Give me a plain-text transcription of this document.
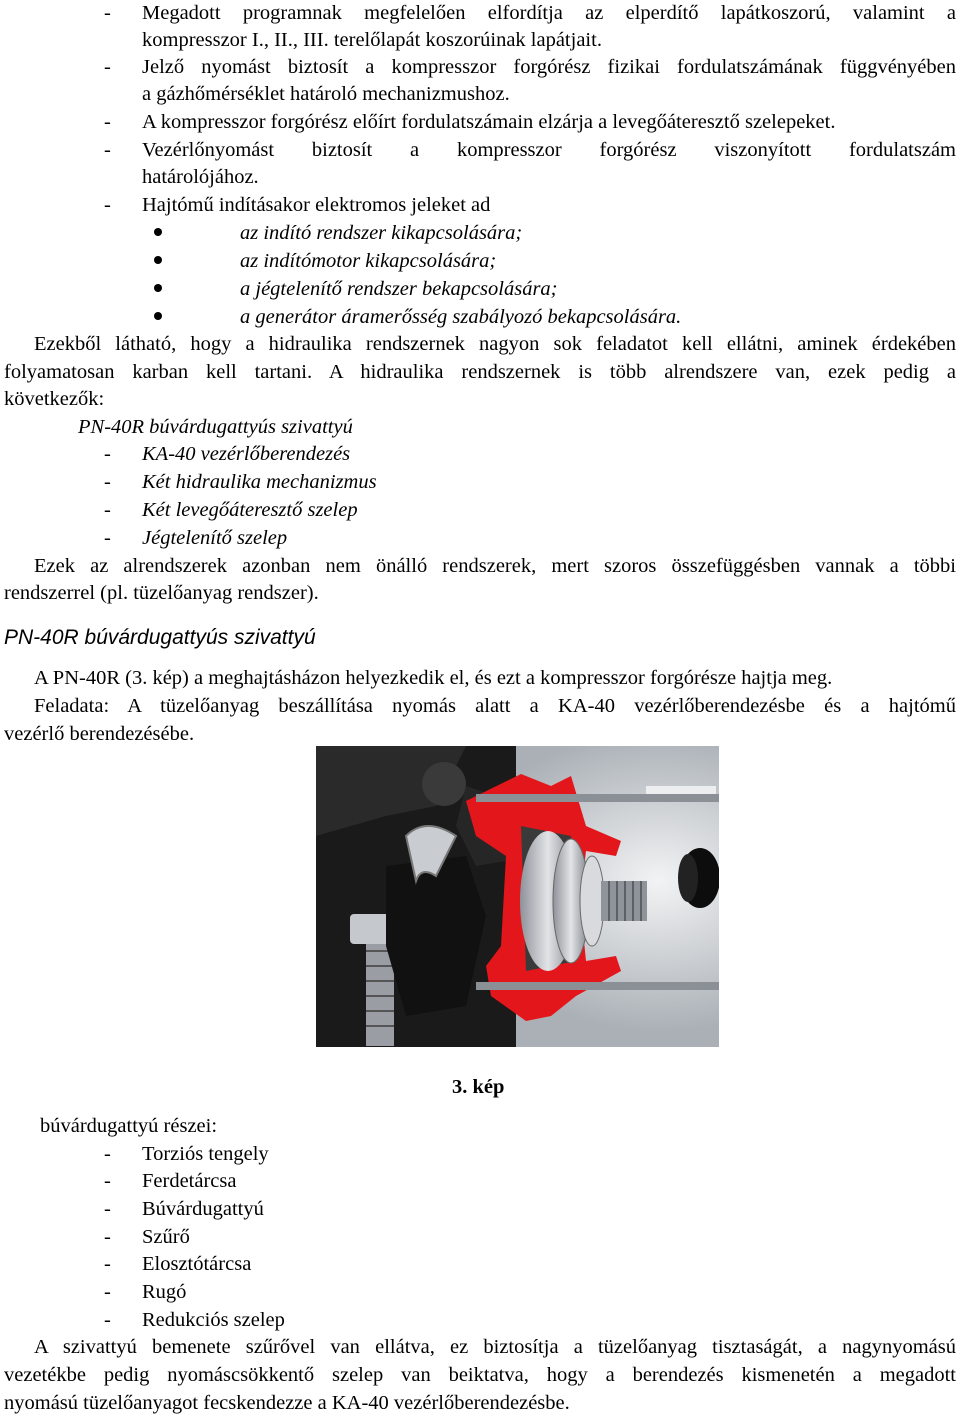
-	Megadott programnak megfelelően elfordítja az elperdítő lapátkoszorú, valamint a
kompresszor I., II., III. terelőlapát koszorúinak lapátjait.
-	Jelző nyomást biztosít a kompresszor forgórész fizikai fordulatszámának függvényében
a gázhőmérséklet határoló mechanizmushoz.
-	A kompresszor forgórész előírt fordulatszámain elzárja a levegőáteresztő szelepeket.
-	Vezérlőnyomást biztosít a kompresszor forgórész viszonyított fordulatszám
határolójához.
-	Hajtómű indításakor elektromos jeleket ad
az indító rendszer kikapcsolására;
az indítómotor kikapcsolására;
a jégtelenítő rendszer bekapcsolására;
a generátor áramerősség szabályozó bekapcsolására.
Ezekből látható, hogy a hidraulika rendszernek nagyon sok feladatot kell ellátni, aminek érdekében
folyamatosan karban kell tartani. A hidraulika rendszernek is több alrendszere van, ezek pedig a
következők:
PN-40R búvárdugattyús szivattyú
-	KA-40 vezérlőberendezés
-	Két hidraulika mechanizmus
-	Két levegőáteresztő szelep
-	Jégtelenítő szelep
Ezek az alrendszerek azonban nem önálló rendszerek, mert szoros összefüggésben vannak a többi
rendszerrel (pl. tüzelőanyag rendszer).
PN-40R búvárdugattyús szivattyú
A PN-40R (3. kép) a meghajtásházon helyezkedik el, és ezt a kompresszor forgórésze hajtja meg.
Feladata: A tüzelőanyag beszállítása nyomás alatt a KA-40 vezérlőberendezésbe és a hajtómű
vezérlő berendezésébe.
3. kép
búvárdugattyú részei:
-	Torziós tengely
-	Ferdetárcsa
-	Búvárdugattyú
-	Szűrő
-	Elosztótárcsa
-	Rugó
-	Redukciós szelep
A szivattyú bemenete szűrővel van ellátva, ez biztosítja a tüzelőanyag tisztaságát, a nagynyomású
vezetékbe pedig nyomáscsökkentő szelep van beiktatva, hogy a berendezés kismenetén a megadott
nyomású tüzelőanyagot fecskendezze a KA-40 vezérlőberendezésbe.
